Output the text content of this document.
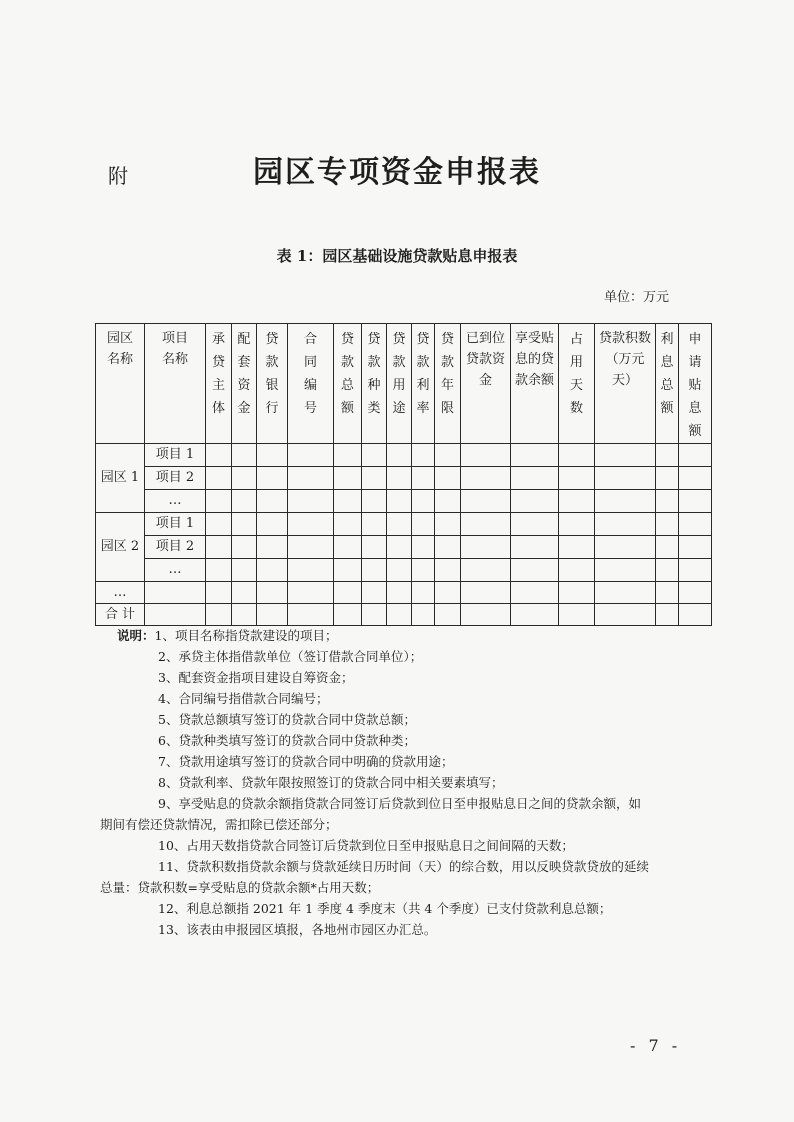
附	园区专项资金申报表
表 1：园区基础设施贷款贴息申报表
单位：万元
园区名称	项目名称	承贷主体	配套资金	贷款银行	合同编号	贷款总额	贷款种类	贷款用途	贷款利率	贷款年限	已到位贷款资金	享受贴息的贷款余额	占用天数	贷款积数（万元天）	利息总额	申请贴息额
园区 1	项目 1															
	项目 2															
	…															
园区 2	项目 1															
	项目 2															
	…															
…																
合 计																
说明：1、项目名称指贷款建设的项目；
2、承贷主体指借款单位（签订借款合同单位）；
3、配套资金指项目建设自筹资金；
4、合同编号指借款合同编号；
5、贷款总额填写签订的贷款合同中贷款总额；
6、贷款种类填写签订的贷款合同中贷款种类；
7、贷款用途填写签订的贷款合同中明确的贷款用途；
8、贷款利率、贷款年限按照签订的贷款合同中相关要素填写；
9、享受贴息的贷款余额指贷款合同签订后贷款到位日至申报贴息日之间的贷款余额，如
期间有偿还贷款情况，需扣除已偿还部分；
10、占用天数指贷款合同签订后贷款到位日至申报贴息日之间间隔的天数；
11、贷款积数指贷款余额与贷款延续日历时间（天）的综合数，用以反映贷款贷放的延续
总量：贷款积数=享受贴息的贷款余额*占用天数；
12、利息总额指 2021 年 1 季度 4 季度末（共 4 个季度）已支付贷款利息总额；
13、该表由申报园区填报，各地州市园区办汇总。
- 7 -
